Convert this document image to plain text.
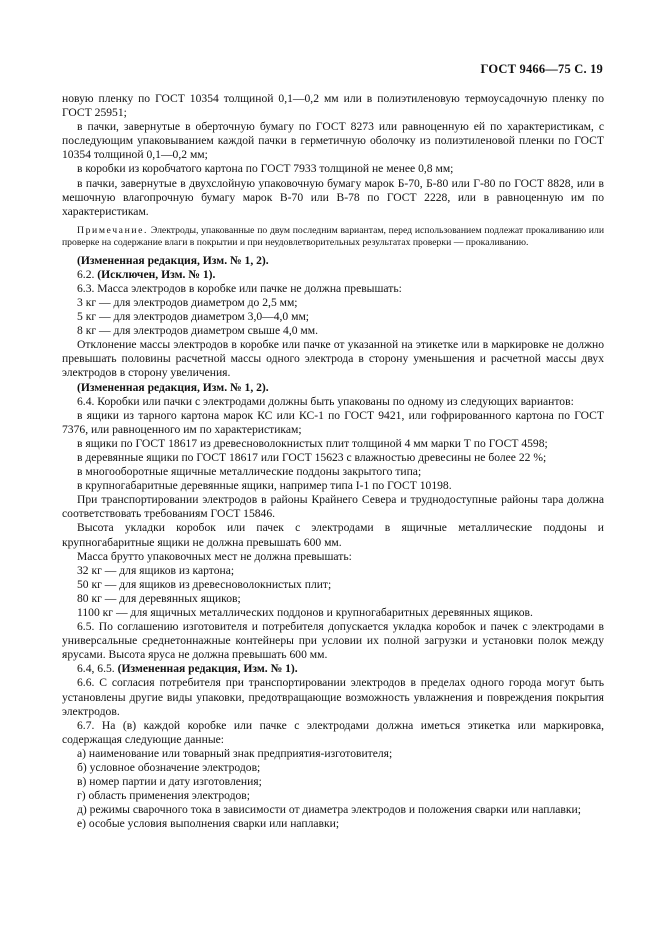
ГОСТ 9466—75 С. 19

новую пленку по ГОСТ 10354 толщиной 0,1—0,2 мм или в полиэтиленовую термоусадочную пленку по ГОСТ 25951;

в пачки, завернутые в оберточную бумагу по ГОСТ 8273 или равноценную ей по характеристикам, с последующим упаковыванием каждой пачки в герметичную оболочку из полиэтиленовой пленки по ГОСТ 10354 толщиной 0,1—0,2 мм;

в коробки из коробчатого картона по ГОСТ 7933 толщиной не менее 0,8 мм;

в пачки, завернутые в двухслойную упаковочную бумагу марок Б-70, Б-80 или Г-80 по ГОСТ 8828, или в мешочную влагопрочную бумагу марок В-70 или В-78 по ГОСТ 2228, или в равноценную им по характеристикам.

Примечание. Электроды, упакованные по двум последним вариантам, перед использованием подлежат прокаливанию или проверке на содержание влаги в покрытии и при неудовлетворительных результатах проверки — прокаливанию.

(Измененная редакция, Изм. № 1, 2).

6.2. (Исключен, Изм. № 1).

6.3. Масса электродов в коробке или пачке не должна превышать:

3 кг — для электродов диаметром до 2,5 мм;

5 кг — для электродов диаметром 3,0—4,0 мм;

8 кг — для электродов диаметром свыше 4,0 мм.

Отклонение массы электродов в коробке или пачке от указанной на этикетке или в маркировке не должно превышать половины расчетной массы одного электрода в сторону уменьшения и расчетной массы двух электродов в сторону увеличения.

(Измененная редакция, Изм. № 1, 2).

6.4. Коробки или пачки с электродами должны быть упакованы по одному из следующих вариантов:

в ящики из тарного картона марок КС или КС-1 по ГОСТ 9421, или гофрированного картона по ГОСТ 7376, или равноценного им по характеристикам;

в ящики по ГОСТ 18617 из древесноволокнистых плит толщиной 4 мм марки Т по ГОСТ 4598;

в деревянные ящики по ГОСТ 18617 или ГОСТ 15623 с влажностью древесины не более 22 %;

в многооборотные ящичные металлические поддоны закрытого типа;

в крупногабаритные деревянные ящики, например типа I-1 по ГОСТ 10198.

При транспортировании электродов в районы Крайнего Севера и труднодоступные районы тара должна соответствовать требованиям ГОСТ 15846.

Высота укладки коробок или пачек с электродами в ящичные металлические поддоны и крупногабаритные ящики не должна превышать 600 мм.

Масса брутто упаковочных мест не должна превышать:

32 кг — для ящиков из картона;

50 кг — для ящиков из древесноволокнистых плит;

80 кг — для деревянных ящиков;

1100 кг — для ящичных металлических поддонов и крупногабаритных деревянных ящиков.

6.5. По соглашению изготовителя и потребителя допускается укладка коробок и пачек с электродами в универсальные среднетоннажные контейнеры при условии их полной загрузки и установки полок между ярусами. Высота яруса не должна превышать 600 мм.

6.4, 6.5. (Измененная редакция, Изм. № 1).

6.6. С согласия потребителя при транспортировании электродов в пределах одного города могут быть установлены другие виды упаковки, предотвращающие возможность увлажнения и повреждения покрытия электродов.

6.7. На (в) каждой коробке или пачке с электродами должна иметься этикетка или маркировка, содержащая следующие данные:

а) наименование или товарный знак предприятия-изготовителя;

б) условное обозначение электродов;

в) номер партии и дату изготовления;

г) область применения электродов;

д) режимы сварочного тока в зависимости от диаметра электродов и положения сварки или наплавки;

е) особые условия выполнения сварки или наплавки;
